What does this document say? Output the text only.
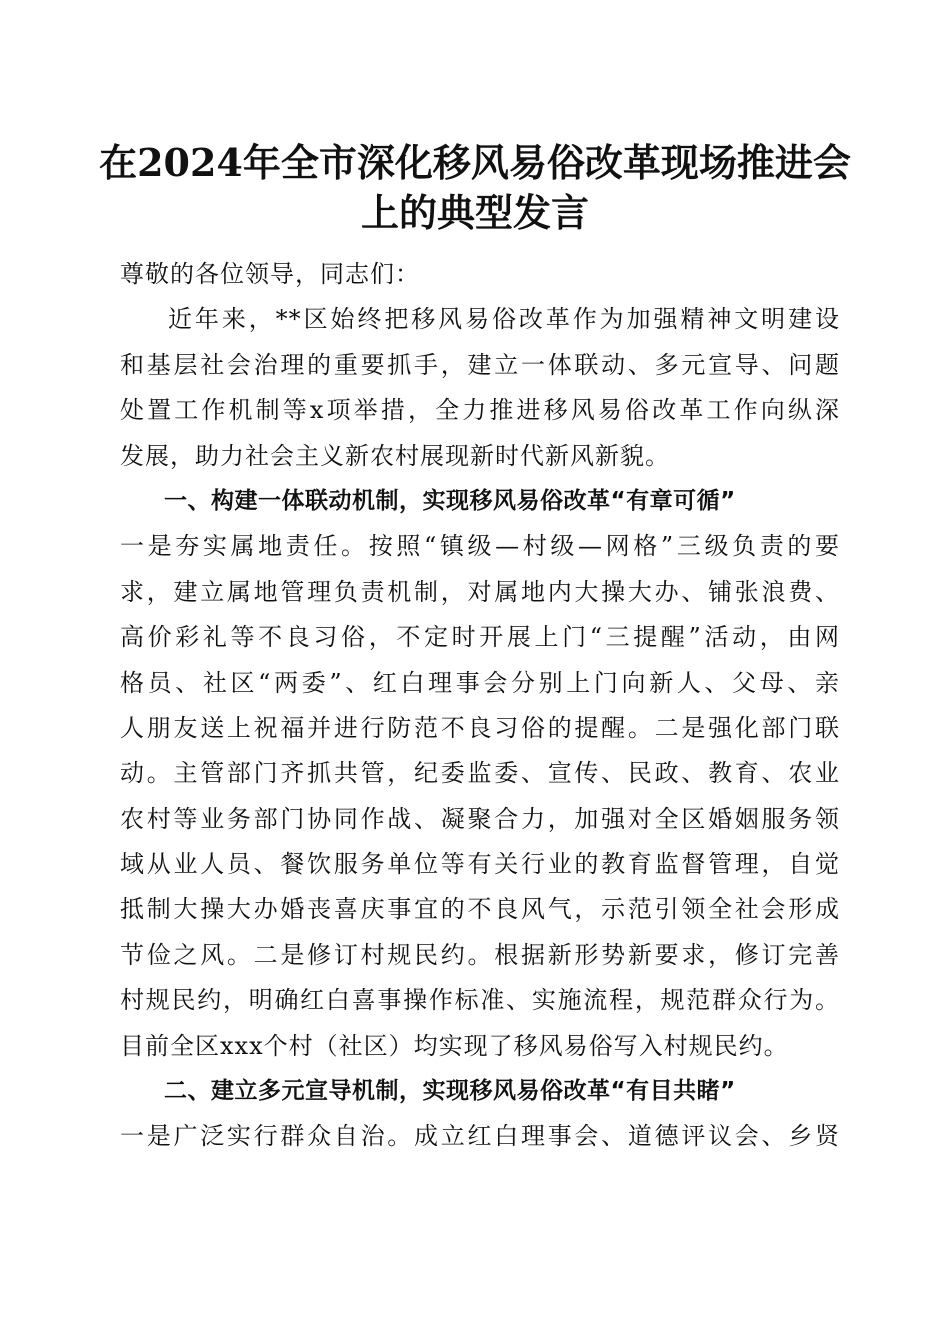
在2024年全市深化移风易俗改革现场推进会
上的典型发言
尊敬的各位领导，同志们：
近年来，**区始终把移风易俗改革作为加强精神文明建设
和基层社会治理的重要抓手，建立一体联动、多元宣导、问题
处置工作机制等x项举措，全力推进移风易俗改革工作向纵深
发展，助力社会主义新农村展现新时代新风新貌。
一、构建一体联动机制，实现移风易俗改革“有章可循”
一是夯实属地责任。按照“镇级—村级—网格”三级负责的要
求，建立属地管理负责机制，对属地内大操大办、铺张浪费、
高价彩礼等不良习俗，不定时开展上门“三提醒”活动，由网
格员、社区“两委”、红白理事会分别上门向新人、父母、亲
人朋友送上祝福并进行防范不良习俗的提醒。二是强化部门联
动。主管部门齐抓共管，纪委监委、宣传、民政、教育、农业
农村等业务部门协同作战、凝聚合力，加强对全区婚姻服务领
域从业人员、餐饮服务单位等有关行业的教育监督管理，自觉
抵制大操大办婚丧喜庆事宜的不良风气，示范引领全社会形成
节俭之风。二是修订村规民约。根据新形势新要求，修订完善
村规民约，明确红白喜事操作标准、实施流程，规范群众行为。
目前全区xxx个村（社区）均实现了移风易俗写入村规民约。
二、建立多元宣导机制，实现移风易俗改革“有目共睹”
一是广泛实行群众自治。成立红白理事会、道德评议会、乡贤
